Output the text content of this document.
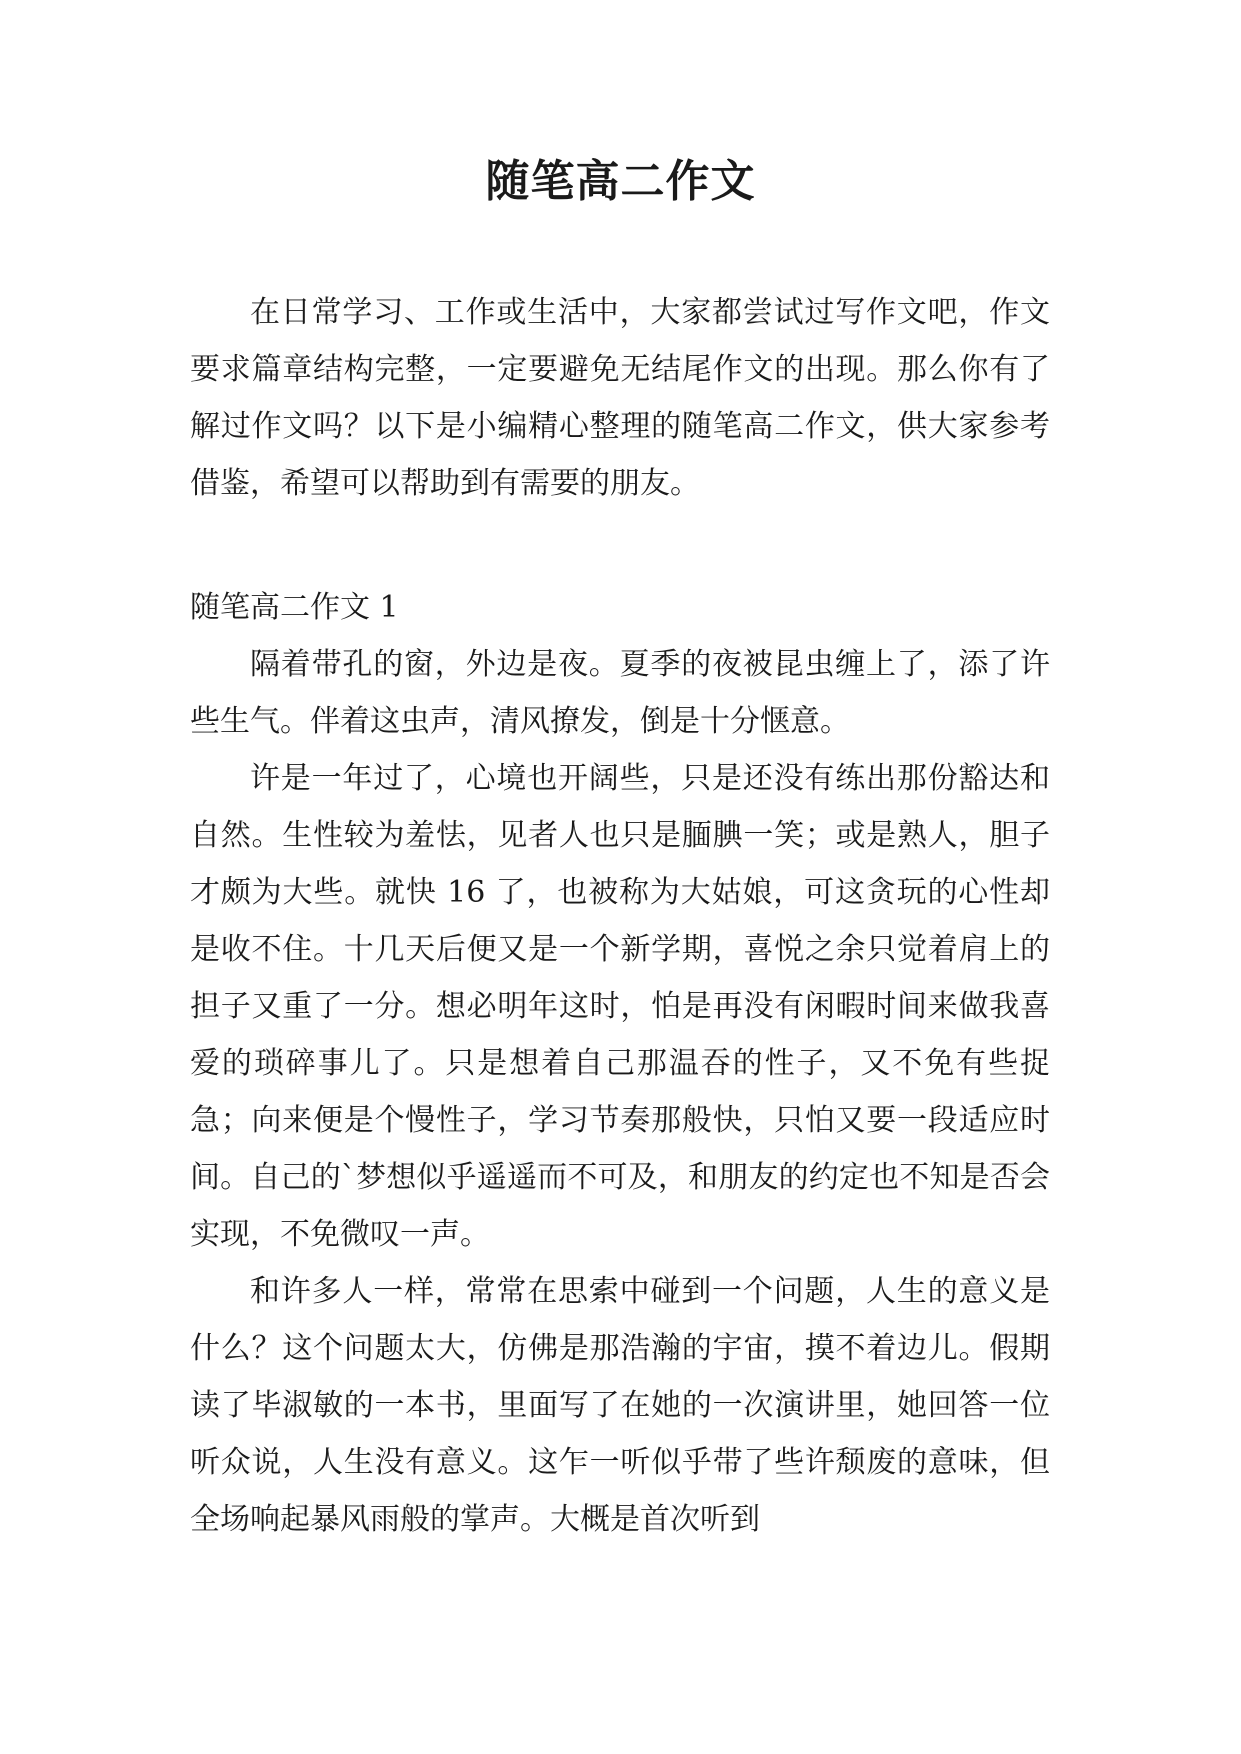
随笔高二作文

在日常学习、工作或生活中，大家都尝试过写作文吧，作文要求篇章结构完整，一定要避免无结尾作文的出现。那么你有了解过作文吗？以下是小编精心整理的随笔高二作文，供大家参考借鉴，希望可以帮助到有需要的朋友。

随笔高二作文 1

隔着带孔的窗，外边是夜。夏季的夜被昆虫缠上了，添了许些生气。伴着这虫声，清风撩发，倒是十分惬意。

许是一年过了，心境也开阔些，只是还没有练出那份豁达和自然。生性较为羞怯，见者人也只是腼腆一笑；或是熟人，胆子才颇为大些。就快 16 了，也被称为大姑娘，可这贪玩的心性却是收不住。十几天后便又是一个新学期，喜悦之余只觉着肩上的担子又重了一分。想必明年这时，怕是再没有闲暇时间来做我喜爱的琐碎事儿了。只是想着自己那温吞的性子，又不免有些捉急；向来便是个慢性子，学习节奏那般快，只怕又要一段适应时间。自己的`梦想似乎遥遥而不可及，和朋友的约定也不知是否会实现，不免微叹一声。

和许多人一样，常常在思索中碰到一个问题，人生的意义是什么？这个问题太大，仿佛是那浩瀚的宇宙，摸不着边儿。假期读了毕淑敏的一本书，里面写了在她的一次演讲里，她回答一位听众说，人生没有意义。这乍一听似乎带了些许颓废的意味，但全场响起暴风雨般的掌声。大概是首次听到
